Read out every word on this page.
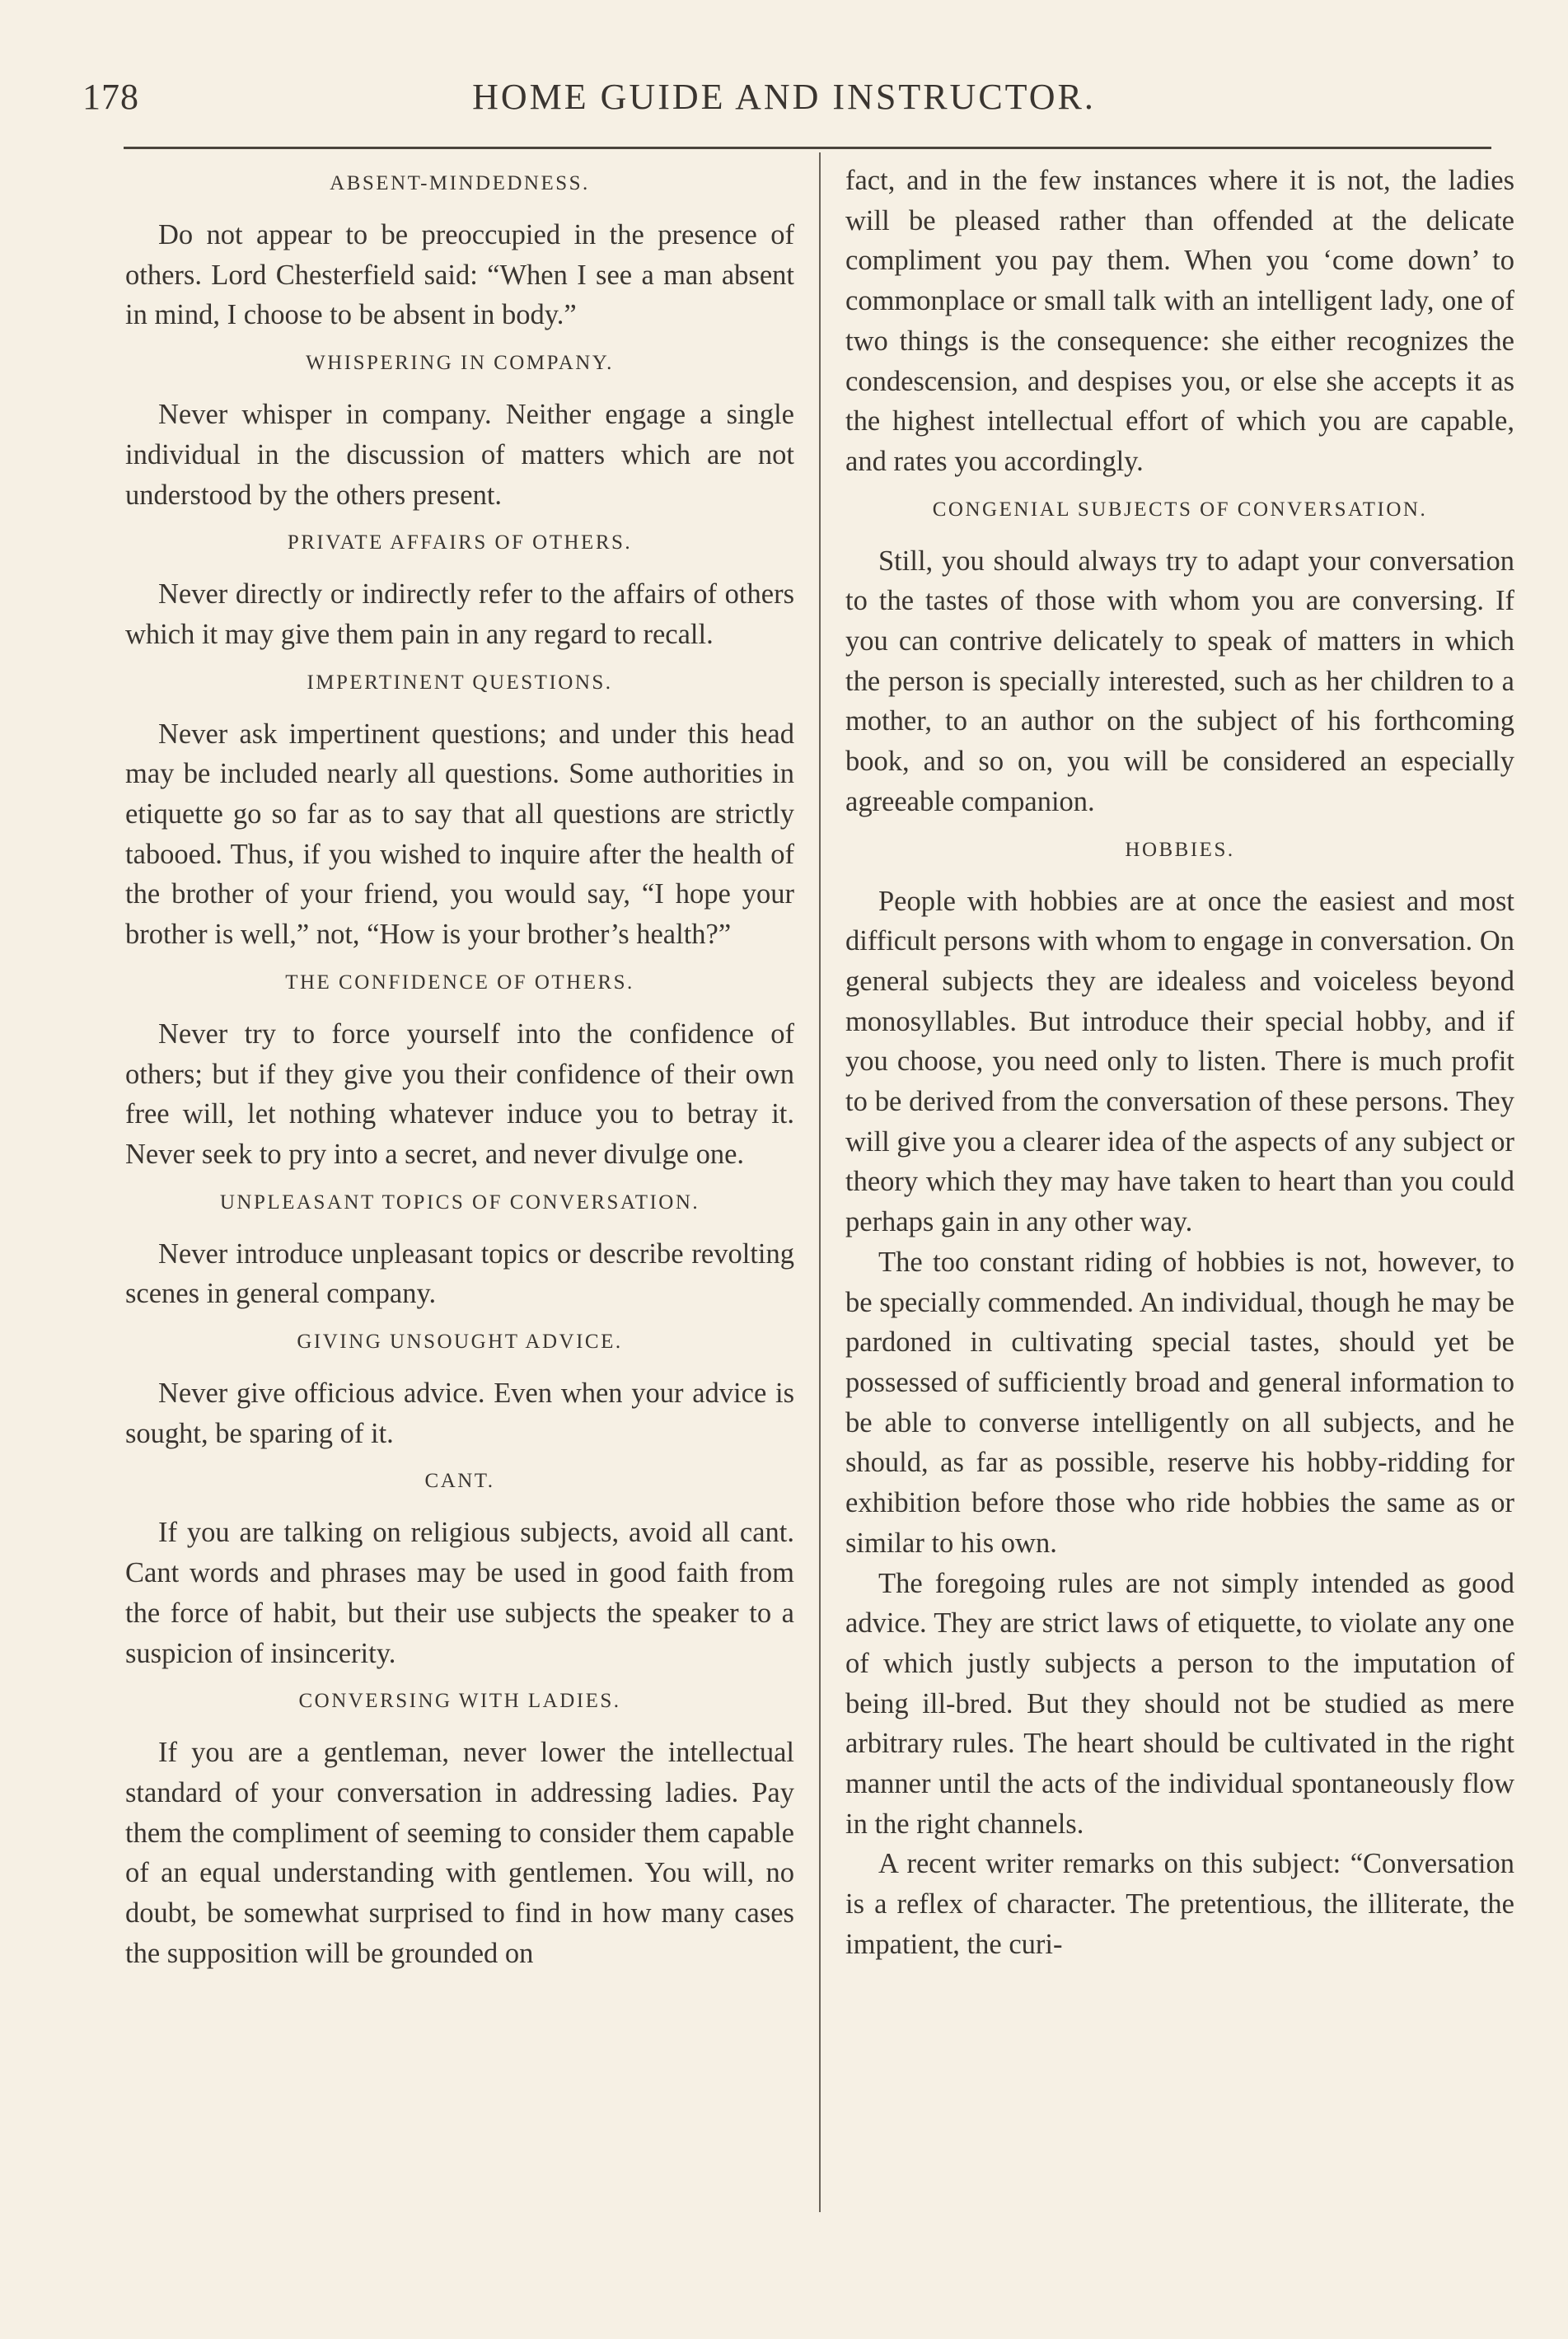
178	HOME GUIDE AND INSTRUCTOR.
ABSENT-MINDEDNESS.

Do not appear to be preoccupied in the presence of others. Lord Chesterfield said: “When I see a man absent in mind, I choose to be absent in body.”

WHISPERING IN COMPANY.

Never whisper in company. Neither engage a single individual in the discussion of matters which are not understood by the others present.

PRIVATE AFFAIRS OF OTHERS.

Never directly or indirectly refer to the affairs of others which it may give them pain in any regard to recall.

IMPERTINENT QUESTIONS.

Never ask impertinent questions; and under this head may be included nearly all questions. Some authorities in etiquette go so far as to say that all questions are strictly tabooed. Thus, if you wished to inquire after the health of the brother of your friend, you would say, “I hope your brother is well,” not, “How is your brother’s health?”

THE CONFIDENCE OF OTHERS.

Never try to force yourself into the confidence of others; but if they give you their confidence of their own free will, let nothing whatever induce you to betray it. Never seek to pry into a secret, and never divulge one.

UNPLEASANT TOPICS OF CONVERSATION.

Never introduce unpleasant topics or describe revolting scenes in general company.

GIVING UNSOUGHT ADVICE.

Never give officious advice. Even when your advice is sought, be sparing of it.

CANT.

If you are talking on religious subjects, avoid all cant. Cant words and phrases may be used in good faith from the force of habit, but their use subjects the speaker to a suspicion of insincerity.

CONVERSING WITH LADIES.

If you are a gentleman, never lower the intellectual standard of your conversation in addressing ladies. Pay them the compliment of seeming to consider them capable of an equal understanding with gentlemen. You will, no doubt, be somewhat surprised to find in how many cases the supposition will be grounded on

fact, and in the few instances where it is not, the ladies will be pleased rather than offended at the delicate compliment you pay them. When you ‘come down’ to commonplace or small talk with an intelligent lady, one of two things is the consequence: she either recognizes the condescension, and despises you, or else she accepts it as the highest intellectual effort of which you are capable, and rates you accordingly.

CONGENIAL SUBJECTS OF CONVERSATION.

Still, you should always try to adapt your conversation to the tastes of those with whom you are conversing. If you can contrive delicately to speak of matters in which the person is specially interested, such as her children to a mother, to an author on the subject of his forthcoming book, and so on, you will be considered an especially agreeable companion.

HOBBIES.

People with hobbies are at once the easiest and most difficult persons with whom to engage in conversation. On general subjects they are idealess and voiceless beyond monosyllables. But introduce their special hobby, and if you choose, you need only to listen. There is much profit to be derived from the conversation of these persons. They will give you a clearer idea of the aspects of any subject or theory which they may have taken to heart than you could perhaps gain in any other way.

The too constant riding of hobbies is not, however, to be specially commended. An individual, though he may be pardoned in cultivating special tastes, should yet be possessed of sufficiently broad and general information to be able to converse intelligently on all subjects, and he should, as far as possible, reserve his hobby-ridding for exhibition before those who ride hobbies the same as or similar to his own.

The foregoing rules are not simply intended as good advice. They are strict laws of etiquette, to violate any one of which justly subjects a person to the imputation of being ill-bred. But they should not be studied as mere arbitrary rules. The heart should be cultivated in the right manner until the acts of the individual spontaneously flow in the right channels.

A recent writer remarks on this subject: “Conversation is a reflex of character. The pretentious, the illiterate, the impatient, the curi-
